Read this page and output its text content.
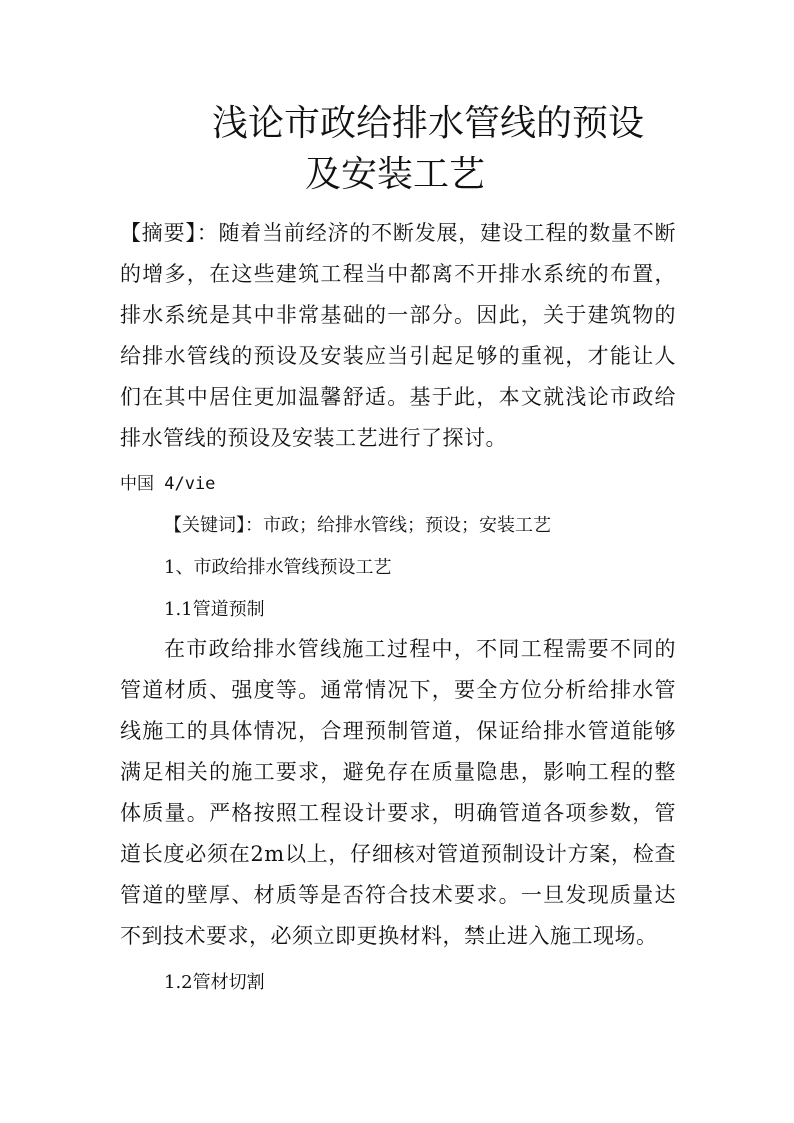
浅论市政给排水管线的预设
及安装工艺
【摘要】：随着当前经济的不断发展，建设工程的数量不断的增多，在这些建筑工程当中都离不开排水系统的布置，排水系统是其中非常基础的一部分。因此，关于建筑物的给排水管线的预设及安装应当引起足够的重视，才能让人们在其中居住更加温馨舒适。基于此，本文就浅论市政给排水管线的预设及安装工艺进行了探讨。
中国 4/vie
【关键词】：市政；给排水管线；预设；安装工艺
1、市政给排水管线预设工艺
1.1管道预制
在市政给排水管线施工过程中，不同工程需要不同的管道材质、强度等。通常情况下，要全方位分析给排水管线施工的具体情况，合理预制管道，保证给排水管道能够满足相关的施工要求，避免存在质量隐患，影响工程的整体质量。严格按照工程设计要求，明确管道各项参数，管道长度必须在2m以上，仔细核对管道预制设计方案，检查管道的壁厚、材质等是否符合技术要求。一旦发现质量达不到技术要求，必须立即更换材料，禁止进入施工现场。
1.2管材切割
